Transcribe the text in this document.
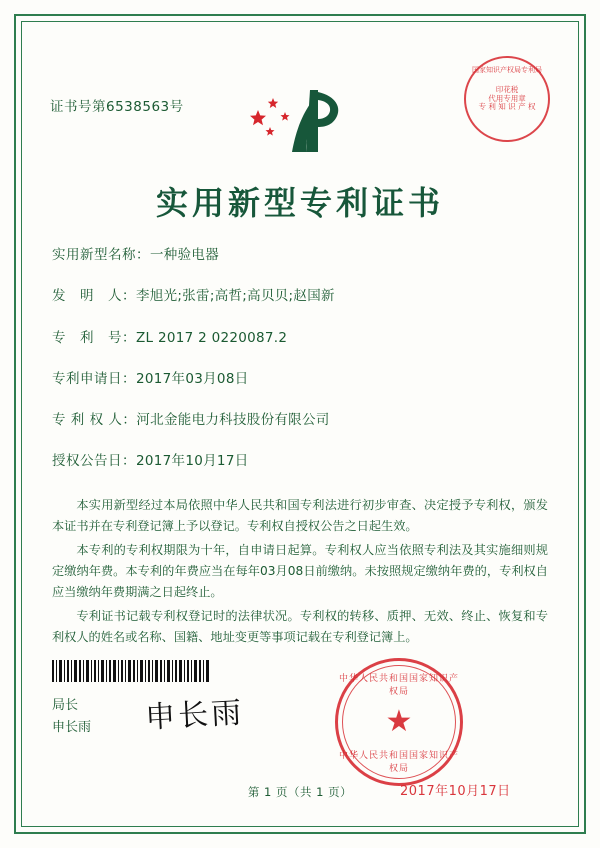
证书号第6538563号
国家知识产权局专利局
印花税
代用专用章
专 利 知 识 产 权
实用新型专利证书
实用新型名称：一种验电器
发　明　人：李旭光;张雷;高哲;高贝贝;赵国新
专　利　号：ZL 2017 2 0220087.2
专利申请日：2017年03月08日
专 利 权 人：河北金能电力科技股份有限公司
授权公告日：2017年10月17日

本实用新型经过本局依照中华人民共和国专利法进行初步审查、决定授予专利权，颁发本证书并在专利登记簿上予以登记。专利权自授权公告之日起生效。

本专利的专利权期限为十年，自申请日起算。专利权人应当依照专利法及其实施细则规定缴纳年费。本专利的年费应当在每年03月08日前缴纳。未按照规定缴纳年费的，专利权自应当缴纳年费期满之日起终止。

专利证书记载专利权登记时的法律状况。专利权的转移、质押、无效、终止、恢复和专利权人的姓名或名称、国籍、地址变更等事项记载在专利登记簿上。

局长
申长雨 申长雨
中华人民共和国国家知识产权局
★
中华人民共和国国家知识产权局
2017年10月17日
第 1 页（共 1 页）
